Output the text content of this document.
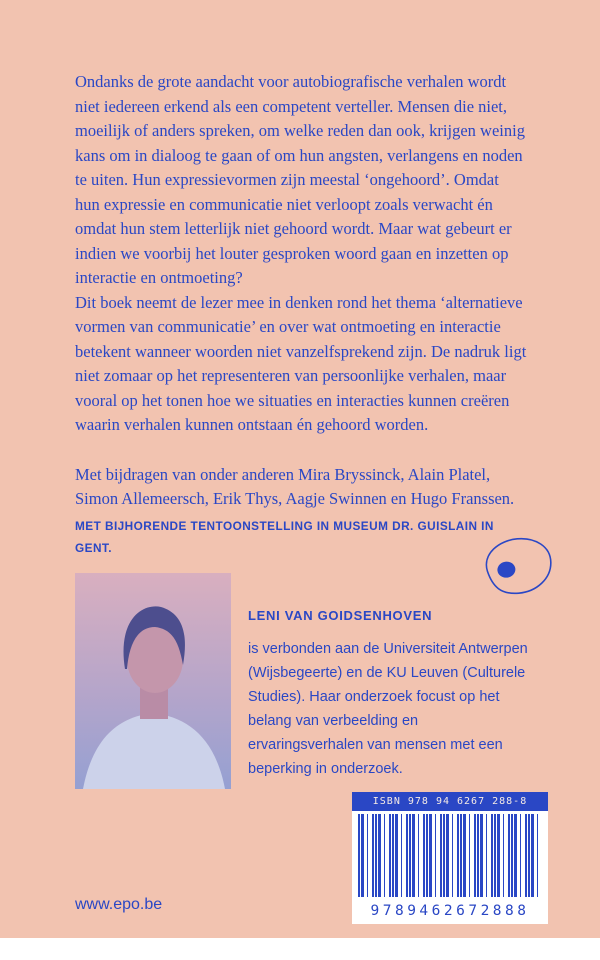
Ondanks de grote aandacht voor autobiografische verhalen wordt niet iedereen erkend als een competent verteller. Mensen die niet, moeilijk of anders spreken, om welke reden dan ook, krijgen weinig kans om in dialoog te gaan of om hun angsten, verlangens en noden te uiten. Hun expressievormen zijn meestal ‘ongehoord’. Omdat hun expressie en communicatie niet verloopt zoals verwacht én omdat hun stem letterlijk niet gehoord wordt. Maar wat gebeurt er indien we voorbij het louter gesproken woord gaan en inzetten op interactie en ontmoeting?

Dit boek neemt de lezer mee in denken rond het thema ‘alternatieve vormen van communicatie’ en over wat ontmoeting en interactie betekent wanneer woorden niet vanzelfsprekend zijn. De nadruk ligt niet zomaar op het representeren van persoonlijke verhalen, maar vooral op het tonen hoe we situaties en interacties kunnen creëren waarin verhalen kunnen ontstaan én gehoord worden.

Met bijdragen van onder anderen Mira Bryssinck, Alain Platel, Simon Allemeersch, Erik Thys, Aagje Swinnen en Hugo Franssen.

MET BIJHORENDE TENTOONSTELLING IN MUSEUM DR. GUISLAIN IN GENT.

LENI VAN GOIDSENHOVEN
is verbonden aan de Universiteit Antwerpen (Wijsbegeerte) en de KU Leuven (Culturele Studies). Haar onderzoek focust op het belang van verbeelding en ervaringsverhalen van mensen met een beperking in onderzoek.
www.epo.be
ISBN 978 94 6267 288-8
9789462672888
